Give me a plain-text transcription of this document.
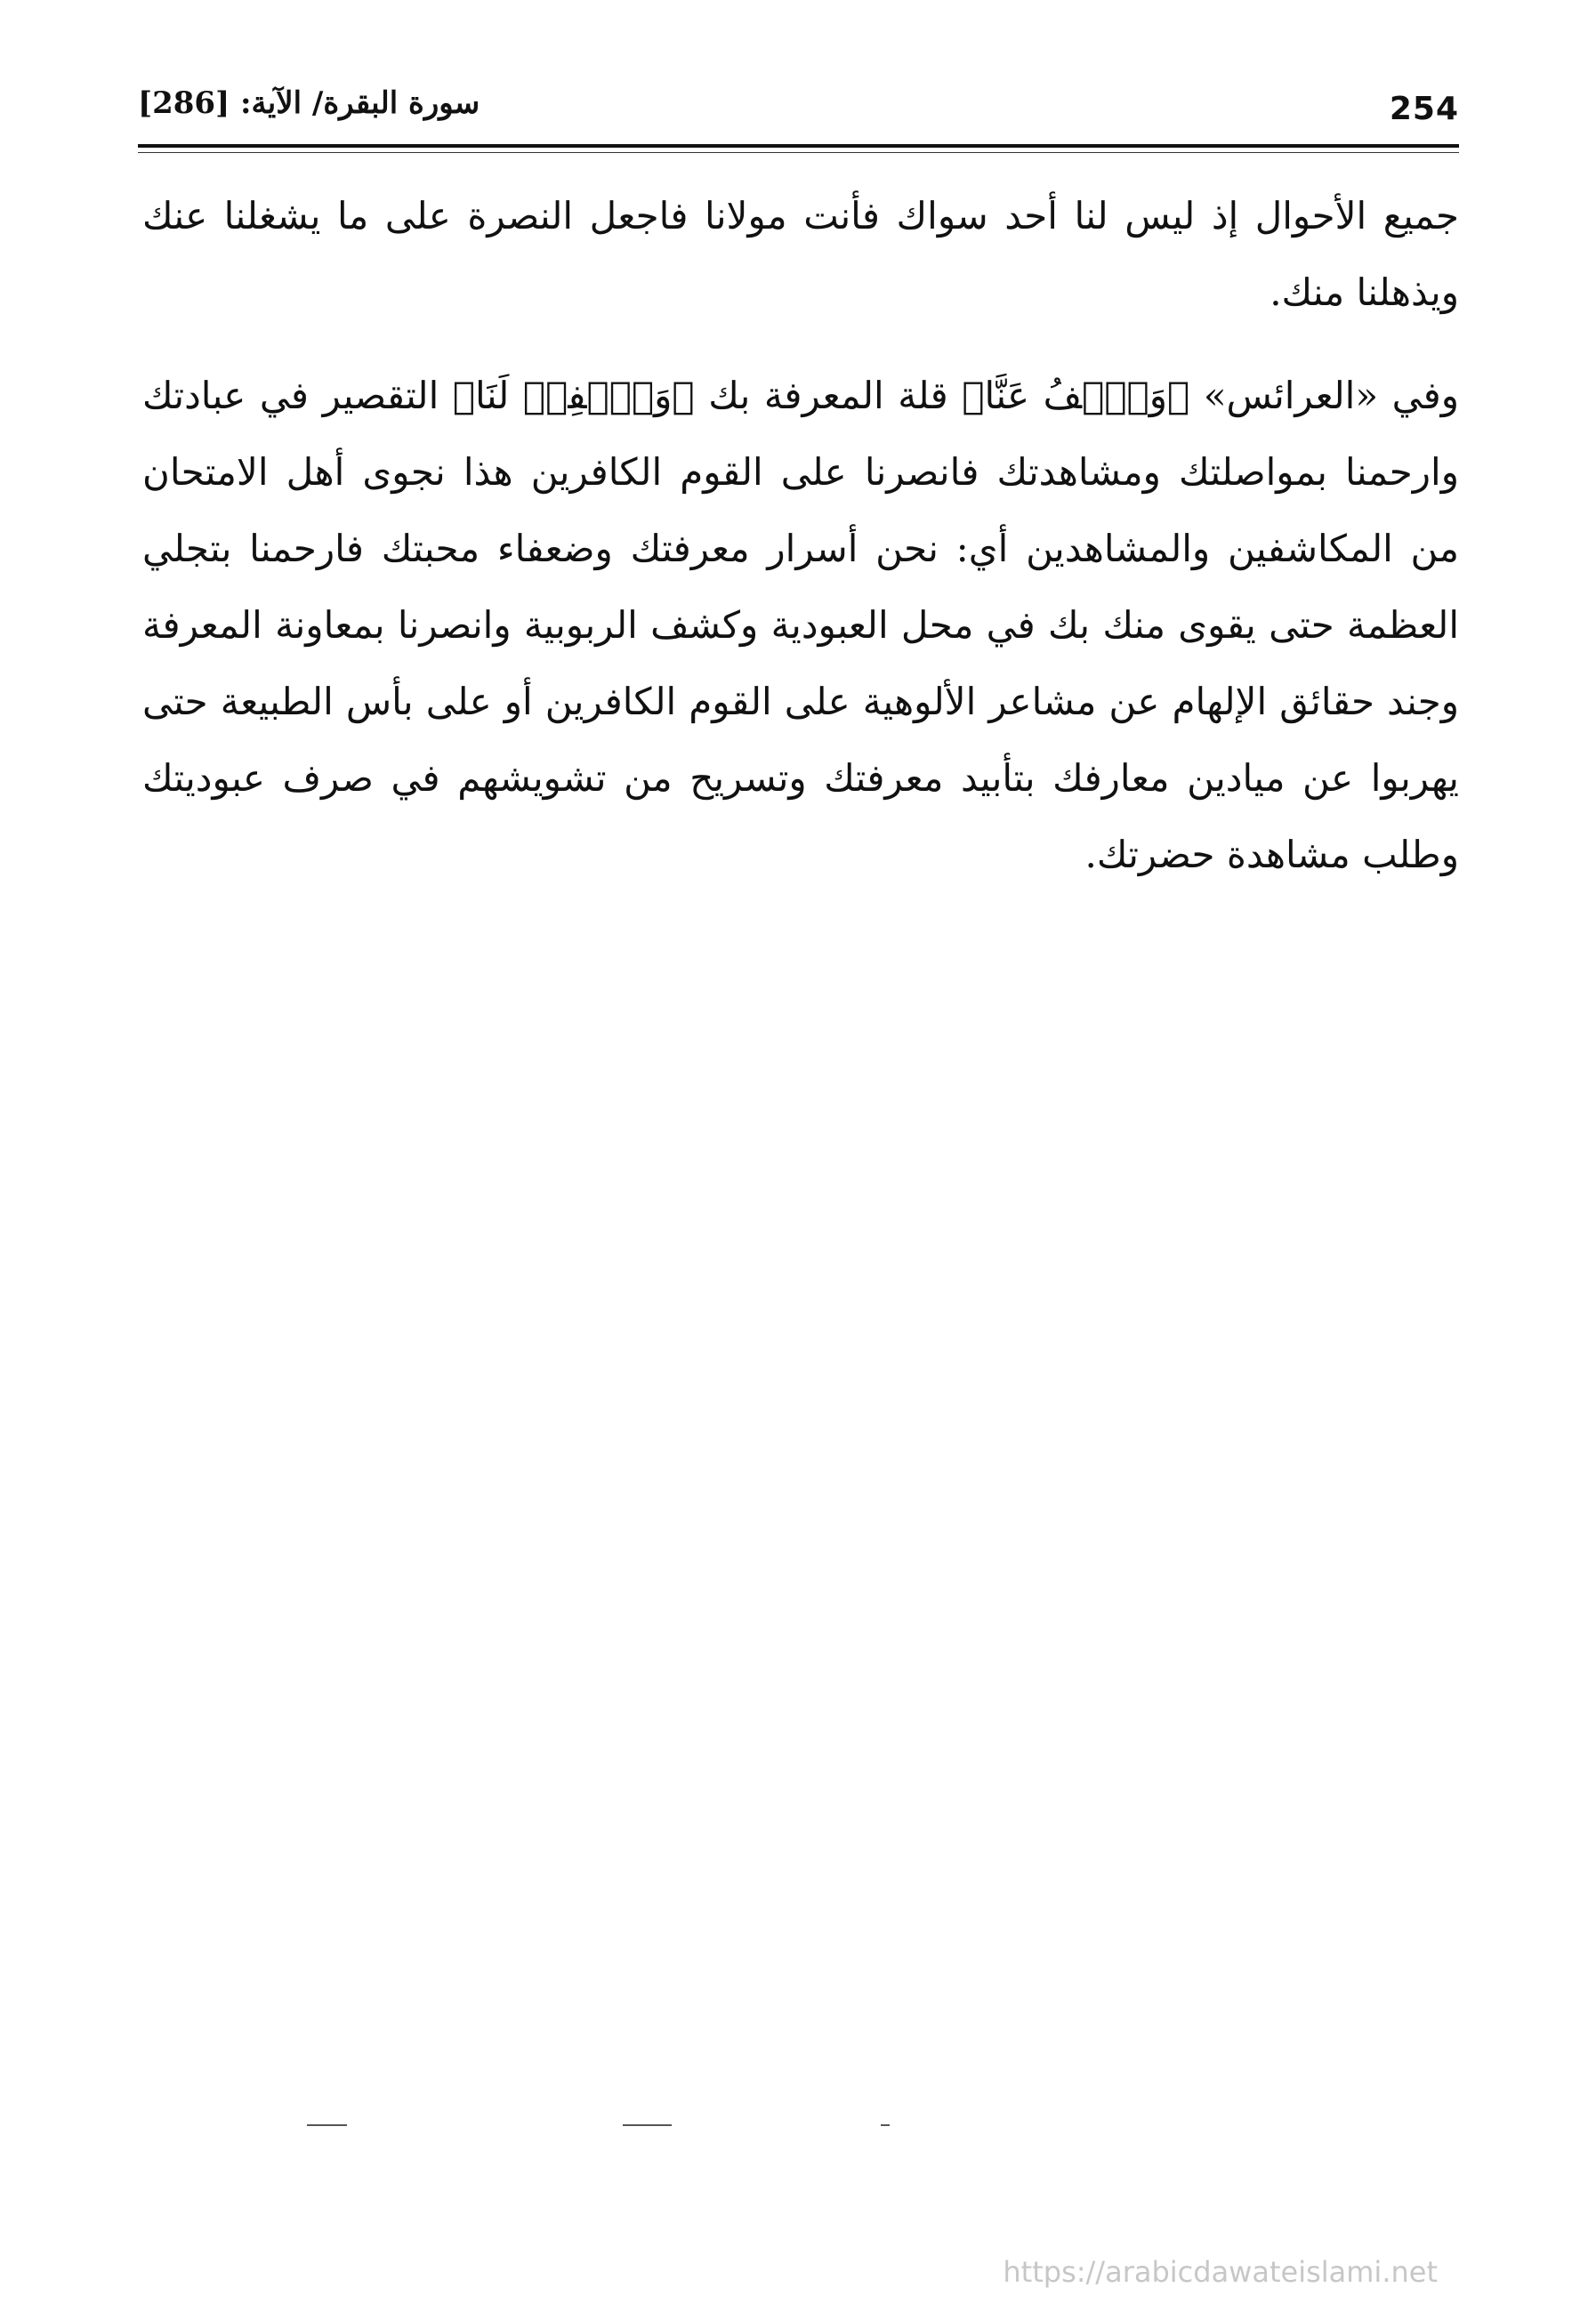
سورة البقرة/ الآية: [286]	254

جميع الأحوال إذ ليس لنا أحد سواك فأنت مولانا فاجعل النصرة على ما يشغلنا عنك ويذهلنا منك.

وفي «العرائس» ﴿وَٱعۡفُ عَنَّا﴾ قلة المعرفة بك ﴿وَٱغۡفِرۡ لَنَا﴾ التقصير في عبادتك وارحمنا بمواصلتك ومشاهدتك فانصرنا على القوم الكافرين هذا نجوى أهل الامتحان من المكاشفين والمشاهدين أي: نحن أسرار معرفتك وضعفاء محبتك فارحمنا بتجلي العظمة حتى يقوى منك بك في محل العبودية وكشف الربوبية وانصرنا بمعاونة المعرفة وجند حقائق الإلهام عن مشاعر الألوهية على القوم الكافرين أو على بأس الطبيعة حتى يهربوا عن ميادين معارفك بتأبيد معرفتك وتسريح من تشويشهم في صرف عبوديتك وطلب مشاهدة حضرتك.

https://arabicdawateislami.net
